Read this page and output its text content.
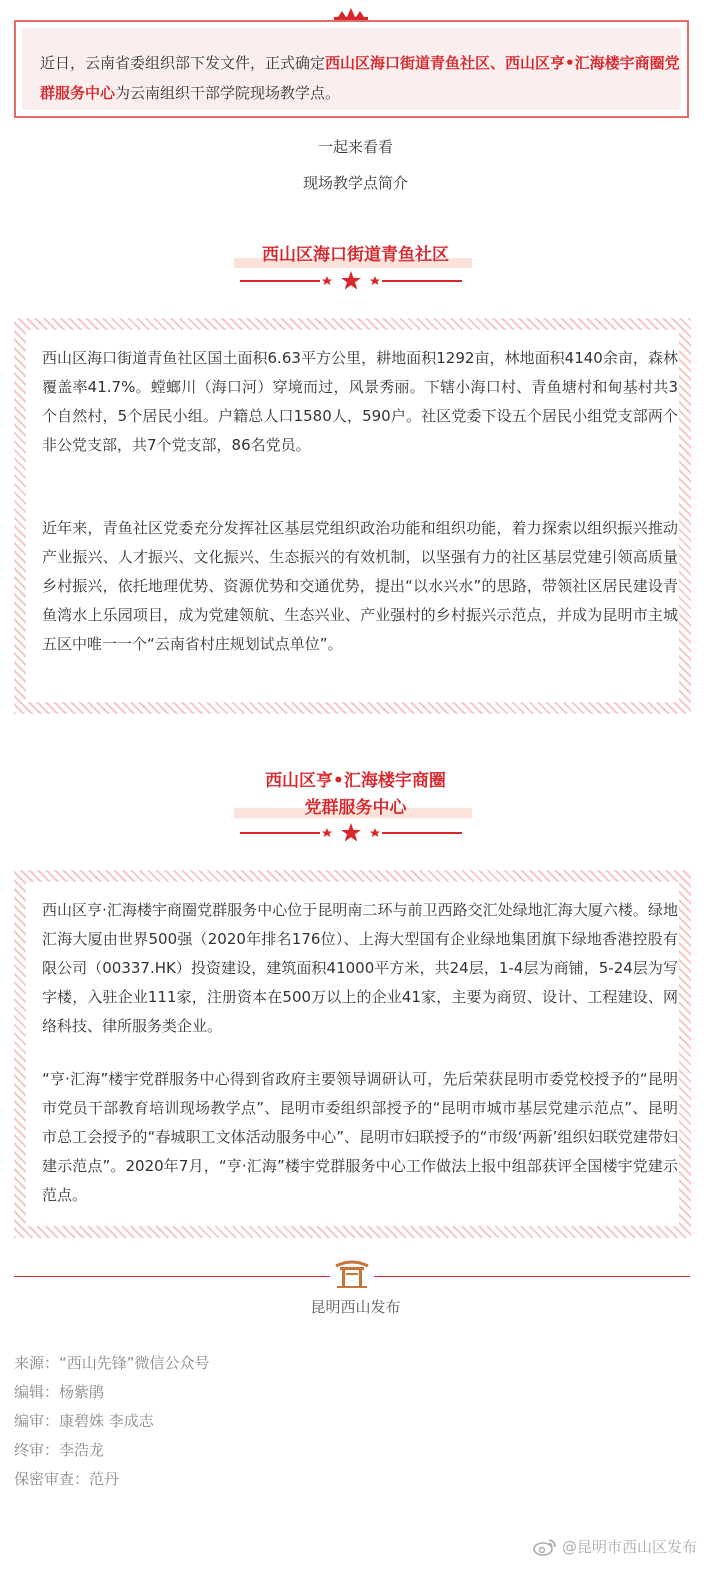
近日，云南省委组织部下发文件，正式确定西山区海口街道青鱼社区、西山区亨•汇海楼宇商圈党群服务中心为云南组织干部学院现场教学点。

一起来看看
现场教学点简介
西山区海口街道青鱼社区

西山区海口街道青鱼社区国土面积6.63平方公里，耕地面积1292亩，林地面积4140余亩，森林覆盖率41.7%。螳螂川（海口河）穿境而过，风景秀丽。下辖小海口村、青鱼塘村和甸基村共3个自然村，5个居民小组。户籍总人口1580人，590户。社区党委下设五个居民小组党支部两个非公党支部，共7个党支部，86名党员。

近年来，青鱼社区党委充分发挥社区基层党组织政治功能和组织功能，着力探索以组织振兴推动产业振兴、人才振兴、文化振兴、生态振兴的有效机制，以坚强有力的社区基层党建引领高质量乡村振兴，依托地理优势、资源优势和交通优势，提出“以水兴水”的思路，带领社区居民建设青鱼湾水上乐园项目，成为党建领航、生态兴业、产业强村的乡村振兴示范点，并成为昆明市主城五区中唯一一个“云南省村庄规划试点单位”。

西山区亨•汇海楼宇商圈
党群服务中心

西山区亨·汇海楼宇商圈党群服务中心位于昆明南二环与前卫西路交汇处绿地汇海大厦六楼。绿地汇海大厦由世界500强（2020年排名176位）、上海大型国有企业绿地集团旗下绿地香港控股有限公司（00337.HK）投资建设，建筑面积41000平方米，共24层，1-4层为商铺，5-24层为写字楼，入驻企业111家，注册资本在500万以上的企业41家，主要为商贸、设计、工程建设、网络科技、律所服务类企业。

“亨·汇海”楼宇党群服务中心得到省政府主要领导调研认可，先后荣获昆明市委党校授予的“昆明市党员干部教育培训现场教学点”、昆明市委组织部授予的“昆明市城市基层党建示范点”、昆明市总工会授予的“春城职工文体活动服务中心”、昆明市妇联授予的“市级‘两新’组织妇联党建带妇建示范点”。2020年7月，“亨·汇海”楼宇党群服务中心工作做法上报中组部获评全国楼宇党建示范点。

昆明西山发布
来源：“西山先锋”微信公众号
编辑：杨紫鹃
编审：康碧姝 李成志
终审：李浩龙
保密审查：范丹
@昆明市西山区发布
